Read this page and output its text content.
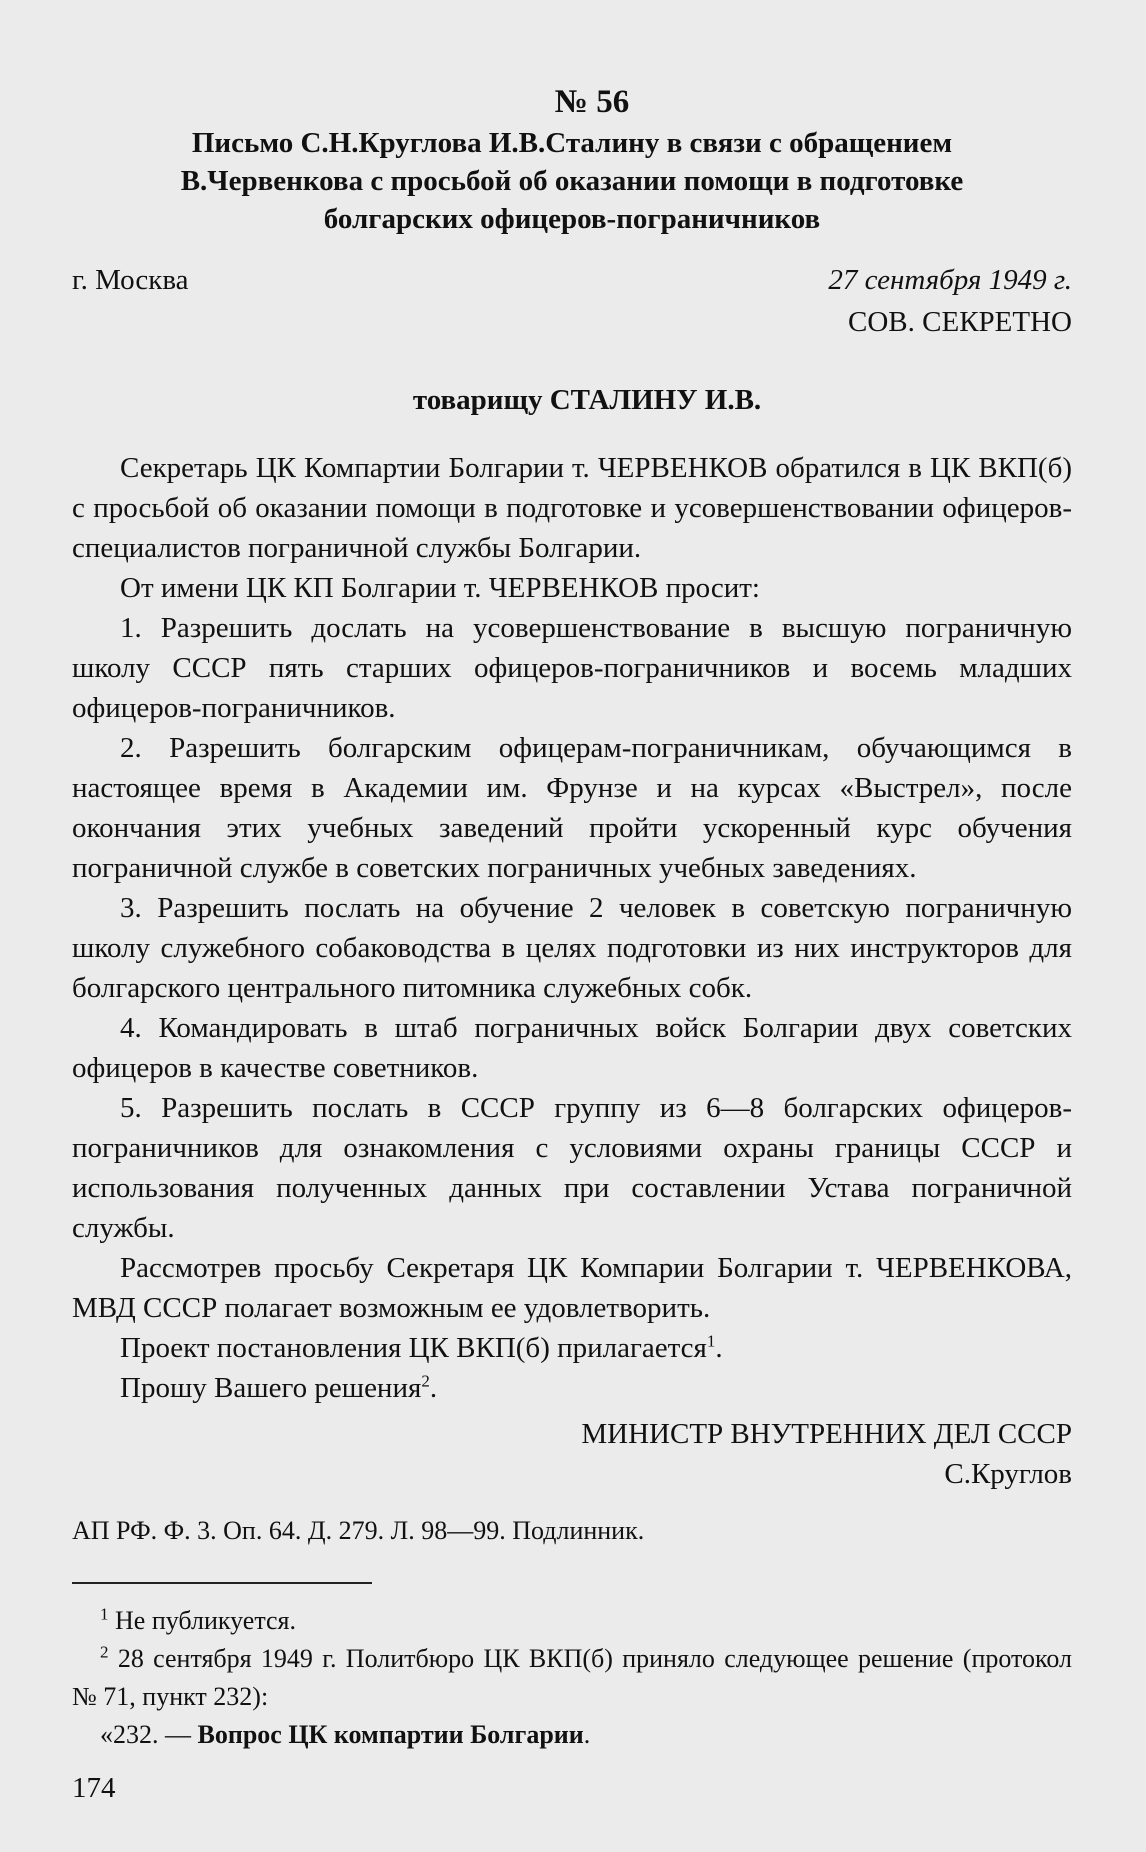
№ 56
Письмо С.Н.Круглова И.В.Сталину в связи с обращением В.Червенкова с просьбой об оказании помощи в подготовке болгарских офицеров-пограничников
г. Москва	27 сентября 1949 г.
СОВ. СЕКРЕТНО
товарищу СТАЛИНУ И.В.

Секретарь ЦК Компартии Болгарии т. ЧЕРВЕНКОВ обратился в ЦК ВКП(б) с просьбой об оказании помощи в подготовке и усовершенствовании офицеров-специалистов пограничной службы Болгарии.

От имени ЦК КП Болгарии т. ЧЕРВЕНКОВ просит:

1. Разрешить дослать на усовершенствование в высшую пограничную школу СССР пять старших офицеров-пограничников и восемь младших офицеров-пограничников.

2. Разрешить болгарским офицерам-пограничникам, обучающимся в настоящее время в Академии им. Фрунзе и на курсах «Выстрел», после окончания этих учебных заведений пройти ускоренный курс обучения пограничной службе в советских пограничных учебных заведениях.

3. Разрешить послать на обучение 2 человек в советскую пограничную школу служебного собаководства в целях подготовки из них инструкторов для болгарского центрального питомника служебных собк.

4. Командировать в штаб пограничных войск Болгарии двух советских офицеров в качестве советников.

5. Разрешить послать в СССР группу из 6—8 болгарских офицеров-пограничников для ознакомления с условиями охраны границы СССР и использования полученных данных при составлении Устава пограничной службы.

Рассмотрев просьбу Секретаря ЦК Компарии Болгарии т. ЧЕРВЕНКОВА, МВД СССР полагает возможным ее удовлетворить.

Проект постановления ЦК ВКП(б) прилагается$^1$.

Прошу Вашего решения$^2$.

МИНИСТР ВНУТРЕННИХ ДЕЛ СССР
С.Круглов
АП РФ. Ф. 3. Оп. 64. Д. 279. Л. 98—99. Подлинник.

$^1$ Не публикуется.

$^2$ 28 сентября 1949 г. Политбюро ЦК ВКП(б) приняло следующее решение (протокол № 71, пункт 232):

«232. — Вопрос ЦК компартии Болгарии.

174
